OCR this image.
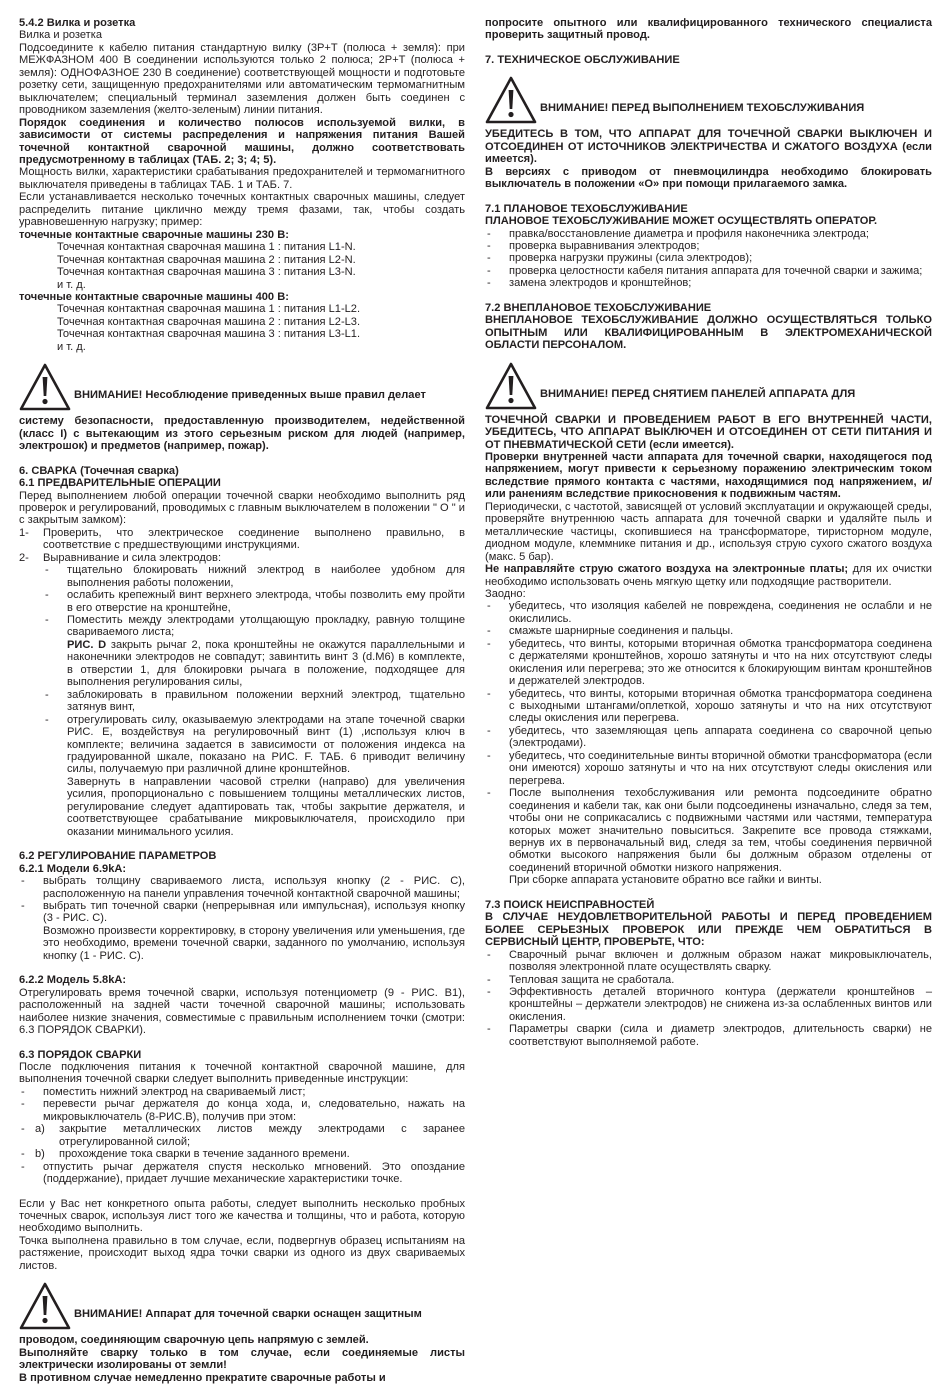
5.4.2 Вилка и розетка

Вилка и розетка

Подсоедините к кабелю питания стандартную вилку (3P+T (полюса + земля): при МЕЖФАЗНОМ 400 В соединении используются только 2 полюса; 2P+T (полюса + земля): ОДНОФАЗНОЕ 230 В соединение) соответствующей мощности и подготовьте розетку сети, защищенную предохранителями или автоматическим термомагнитным выключателем; специальный терминал заземления должен быть соединен с проводником заземления (желто-зеленым) линии питания.

Порядок соединения и количество полюсов используемой вилки, в зависимости от системы распределения и напряжения питания Вашей точечной контактной сварочной машины, должно соответствовать предусмотренному в таблицах (ТАБ. 2; 3; 4; 5).

Мощность вилки, характеристики срабатывания предохранителей и термомагнитного выключателя приведены в таблицах ТАБ. 1 и ТАБ. 7.

Если устанавливается несколько точечных контактных сварочных машины, следует распределить питание циклично между тремя фазами, так, чтобы создать уравновешенную нагрузку; пример:

точечные контактные сварочные машины 230 В:

Точечная контактная сварочная машина 1 : питания L1-N.

Точечная контактная сварочная машина 2 : питания L2-N.

Точечная контактная сварочная машина 3 : питания L3-N.

и т. д.

точечные контактные сварочные машины 400 В:

Точечная контактная сварочная машина 1 : питания L1-L2.

Точечная контактная сварочная машина 2 : питания L2-L3.

Точечная контактная сварочная машина 3 : питания L3-L1.

и т. д.

ВНИМАНИЕ! Несоблюдение приведенных выше правил делает

систему безопасности, предоставленную производителем, недейственной (класс I) с вытекающим из этого серьезным риском для людей (например, электрошок) и предметов (например, пожар).

6. СВАРКА (Точечная сварка)

6.1 ПРЕДВАРИТЕЛЬНЫЕ ОПЕРАЦИИ

Перед выполнением любой операции точечной сварки необходимо выполнить ряд проверок и регулирований, проводимых с главным выключателем в положении " O " и с закрытым замком):

1- Проверить, что электрическое соединение выполнено правильно, в соответствие с предшествующими инструкциями.
2- Выравнивание и сила электродов:
- тщательно блокировать нижний электрод в наиболее удобном для выполнения работы положении,
- ослабить крепежный винт верхнего электрода, чтобы позволить ему пройти в его отверстие на кронштейне,
- Поместить между электродами утолщающую прокладку, равную толщине свариваемого листа;
РИС. D закрыть рычаг 2, пока кронштейны не окажутся параллельными и наконечники электродов не совпадут; завинтить винт 3 (d.M6) в комплекте, в отверстии 1, для блокировки рычага в положение, подходящее для выполнения регулирования силы,
- заблокировать в правильном положении верхний электрод, тщательно затянув винт,
- отрегулировать силу, оказываемую электродами на этапе точечной сварки РИС. E, воздействуя на регулировочный винт (1) ,используя ключ в комплекте; величина задается в зависимости от положения индекса на градуированной шкале, показано на РИС. F. ТАБ. 6 приводит величину силы, получаемую при различной длине кронштейнов.
Завернуть в направлении часовой стрелки (направо) для увеличения усилия, пропорционально с повышением толщины металлических листов, регулирование следует адаптировать так, чтобы закрытие держателя, и соответствующее срабатывание микровыключателя, происходило при оказании минимального усилия.

6.2 РЕГУЛИРОВАНИЕ ПАРАМЕТРОВ

6.2.1 Модели 6.9kA:

- выбрать толщину свариваемого листа, используя кнопку (2 - РИС. C), расположенную на панели управления точечной контактной сварочной машины;
- выбрать тип точечной сварки (непрерывная или импульсная), используя кнопку (3 - РИС. C).
Возможно произвести корректировку, в сторону увеличения или уменьшения, где это необходимо, времени точечной сварки, заданного по умолчанию, используя кнопку (1 - РИС. C).

6.2.2 Модель 5.8kA:

Отрегулировать время точечной сварки, используя потенциометр (9 - РИС. B1), расположенный на задней части точечной сварочной машины; использовать наиболее низкие значения, совместимые с правильным исполнением точки (смотри: 6.3 ПОРЯДОК СВАРКИ).

6.3 ПОРЯДОК СВАРКИ

После подключения питания к точечной контактной сварочной машине, для выполнения точечной сварки следует выполнить приведенные инструкции:

- поместить нижний электрод на свариваемый лист;
- перевести рычаг держателя до конца хода, и, следовательно, нажать на микровыключатель (8-РИС.B), получив при этом:
- a)	закрытие металлических листов между электродами с заранее отрегулированной силой;
- b)	прохождение тока сварки в течение заданного времени.
- отпустить рычаг держателя спустя несколько мгновений. Это опоздание (поддержание), придает лучшие механические характеристики точке.

Если у Вас нет конкретного опыта работы, следует выполнить несколько пробных точечных сварок, используя лист того же качества и толщины, что и работа, которую необходимо выполнить.

Точка выполнена правильно в том случае, если, подвергнув образец испытаниям на растяжение, происходит выход ядра точки сварки из одного из двух свариваемых листов.

ВНИМАНИЕ! Аппарат для точечной сварки оснащен защитным

проводом, соединяющим сварочную цепь напрямую с землей.

Выполняйте сварку только в том случае, если соединяемые листы электрически изолированы от земли!

В противном случае немедленно прекратите сварочные работы и

попросите опытного или квалифицированного технического специалиста проверить защитный провод.

7. ТЕХНИЧЕСКОЕ ОБСЛУЖИВАНИЕ

ВНИМАНИЕ! ПЕРЕД ВЫПОЛНЕНИЕМ ТЕХОБСЛУЖИВАНИЯ

УБЕДИТЕСЬ В ТОМ, ЧТО АППАРАТ ДЛЯ ТОЧЕЧНОЙ СВАРКИ ВЫКЛЮЧЕН И ОТСОЕДИНЕН ОТ ИСТОЧНИКОВ ЭЛЕКТРИЧЕСТВА И СЖАТОГО ВОЗДУХА (если имеется).

В версиях с приводом от пневмоцилиндра необходимо блокировать выключатель в положении «O» при помощи прилагаемого замка.

7.1 ПЛАНОВОЕ ТЕХОБСЛУЖИВАНИЕ

ПЛАНОВОЕ ТЕХОБСЛУЖИВАНИЕ МОЖЕТ ОСУЩЕСТВЛЯТЬ ОПЕРАТОР.

- правка/восстановление диаметра и профиля наконечника электрода;
- проверка выравнивания электродов;
- проверка нагрузки пружины (сила электродов);
- проверка целостности кабеля питания аппарата для точечной сварки и зажима;
- замена электродов и кронштейнов;

7.2 ВНЕПЛАНОВОЕ ТЕХОБСЛУЖИВАНИЕ

ВНЕПЛАНОВОЕ ТЕХОБСЛУЖИВАНИЕ ДОЛЖНО ОСУЩЕСТВЛЯТЬСЯ ТОЛЬКО ОПЫТНЫМ ИЛИ КВАЛИФИЦИРОВАННЫМ В ЭЛЕКТРОМЕХАНИЧЕСКОЙ ОБЛАСТИ ПЕРСОНАЛОМ.

ВНИМАНИЕ! ПЕРЕД СНЯТИЕМ ПАНЕЛЕЙ АППАРАТА ДЛЯ

ТОЧЕЧНОЙ СВАРКИ И ПРОВЕДЕНИЕМ РАБОТ В ЕГО ВНУТРЕННЕЙ ЧАСТИ, УБЕДИТЕСЬ, ЧТО АППАРАТ ВЫКЛЮЧЕН И ОТСОЕДИНЕН ОТ СЕТИ ПИТАНИЯ И ОТ ПНЕВМАТИЧЕСКОЙ СЕТИ (если имеется).

Проверки внутренней части аппарата для точечной сварки, находящегося под напряжением, могут привести к серьезному поражению электрическим током вследствие прямого контакта с частями, находящимися под напряжением, и/или ранениям вследствие прикосновения к подвижным частям.

Периодически, с частотой, зависящей от условий эксплуатации и окружающей среды, проверяйте внутреннюю часть аппарата для точечной сварки и удаляйте пыль и металлические частицы, скопившиеся на трансформаторе, тиристорном модуле, диодном модуле, клеммнике питания и др., используя струю сухого сжатого воздуха (макс. 5 бар).

Не направляйте струю сжатого воздуха на электронные платы; для их очистки необходимо использовать очень мягкую щетку или подходящие растворители.

Заодно:

- убедитесь, что изоляция кабелей не повреждена, соединения не ослабли и не окислились.
- смажьте шарнирные соединения и пальцы.
- убедитесь, что винты, которыми вторичная обмотка трансформатора соединена с держателями кронштейнов, хорошо затянуты и что на них отсутствуют следы окисления или перегрева; это же относится к блокирующим винтам кронштейнов и держателей электродов.
- убедитесь, что винты, которыми вторичная обмотка трансформатора соединена с выходными штангами/оплеткой, хорошо затянуты и что на них отсутствуют следы окисления или перегрева.
- убедитесь, что заземляющая цепь аппарата соединена со сварочной цепью (электродами).
- убедитесь, что соединительные винты вторичной обмотки трансформатора (если они имеются) хорошо затянуты и что на них отсутствуют следы окисления или перегрева.
- После выполнения техобслуживания или ремонта подсоедините обратно соединения и кабели так, как они были подсоединены изначально, следя за тем, чтобы они не соприкасались с подвижными частями или частями, температура которых может значительно повыситься. Закрепите все провода стяжками, вернув их в первоначальный вид, следя за тем, чтобы соединения первичной обмотки высокого напряжения были бы должным образом отделены от соединений вторичной обмотки низкого напряжения.
При сборке аппарата установите обратно все гайки и винты.

7.3 ПОИСК НЕИСПРАВНОСТЕЙ

В СЛУЧАЕ НЕУДОВЛЕТВОРИТЕЛЬНОЙ РАБОТЫ И ПЕРЕД ПРОВЕДЕНИЕМ БОЛЕЕ СЕРЬЕЗНЫХ ПРОВЕРОК ИЛИ ПРЕЖДЕ ЧЕМ ОБРАТИТЬСЯ В СЕРВИСНЫЙ ЦЕНТР, ПРОВЕРЬТЕ, ЧТО:

- Сварочный рычаг включен и должным образом нажат микровыключатель, позволяя электронной плате осуществлять сварку.
- Тепловая защита не сработала.
- Эффективность деталей вторичного контура (держатели кронштейнов – кронштейны – держатели электродов) не снижена из-за ослабленных винтов или окисления.
- Параметры сварки (сила и диаметр электродов, длительность сварки) не соответствуют выполняемой работе.
